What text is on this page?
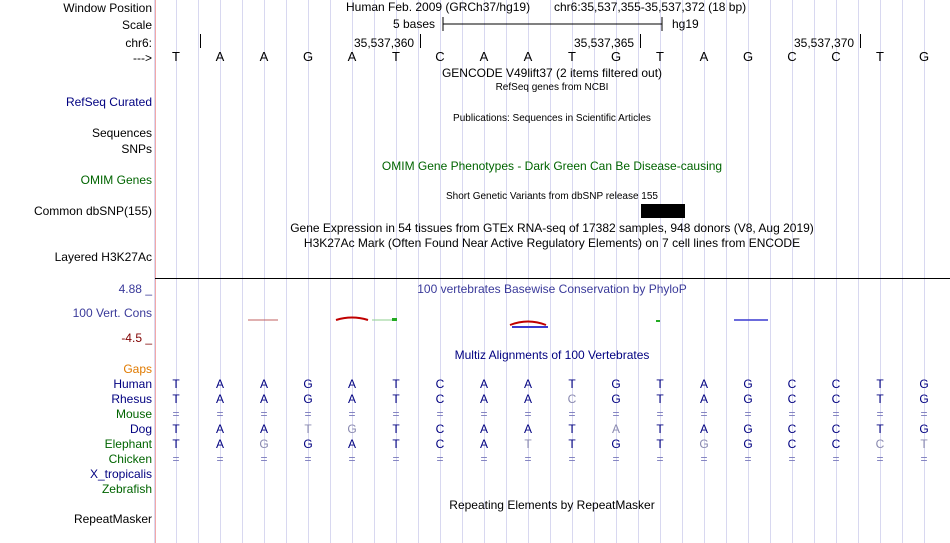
Window Position	Human Feb. 2009 (GRCh37/hg19) chr6:35,537,355-35,537,372 (18 bp)
Scale	5 bases	hg19
chr6:	35,537,360	35,537,365	35,537,370
---> T	A	A	G	A	T	C	A	A	T	G	T	A	G	C	C	T	G
GENCODE V49lift37 (2 items filtered out)
RefSeq genes from NCBI
RefSeq Curated
Sequences
Publications: Sequences in Scientific Articles
SNPs
OMIM Gene Phenotypes - Dark Green Can Be Disease-causing
OMIM Genes
Short Genetic Variants from dbSNP release 155
Common dbSNP(155)
Gene Expression in 54 tissues from GTEx RNA-seq of 17382 samples, 948 donors (V8, Aug 2019)
H3K27Ac Mark (Often Found Near Active Regulatory Elements) on 7 cell lines from ENCODE
Layered H3K27Ac
4.88 _	100 vertebrates Basewise Conservation by PhyloP
100 Vert. Cons
-4.5 _
Multiz Alignments of 100 Vertebrates
Gaps
Human T	A	A	G	A	T	C	A	A	T	G	T	A	G	C	C	T	G
Rhesus T	A	A	G	A	T	C	A	A	C	G	T	A	G	C	C	T	G
Mouse =	=	=	=	=	=	=	=	=	=	=	=	=	=	=	=	=	=
Dog T	A	A	T	G	T	C	A	A	T	A	T	A	G	C	C	T	G
Elephant T	A	G	G	A	T	C	A	T	T	G	T	G	G	C	C	C	T
Chicken =	=	=	=	=	=	=	=	=	=	=	=	=	=	=	=	=	=
X_tropicalis
Zebrafish
Repeating Elements by RepeatMasker
RepeatMasker
